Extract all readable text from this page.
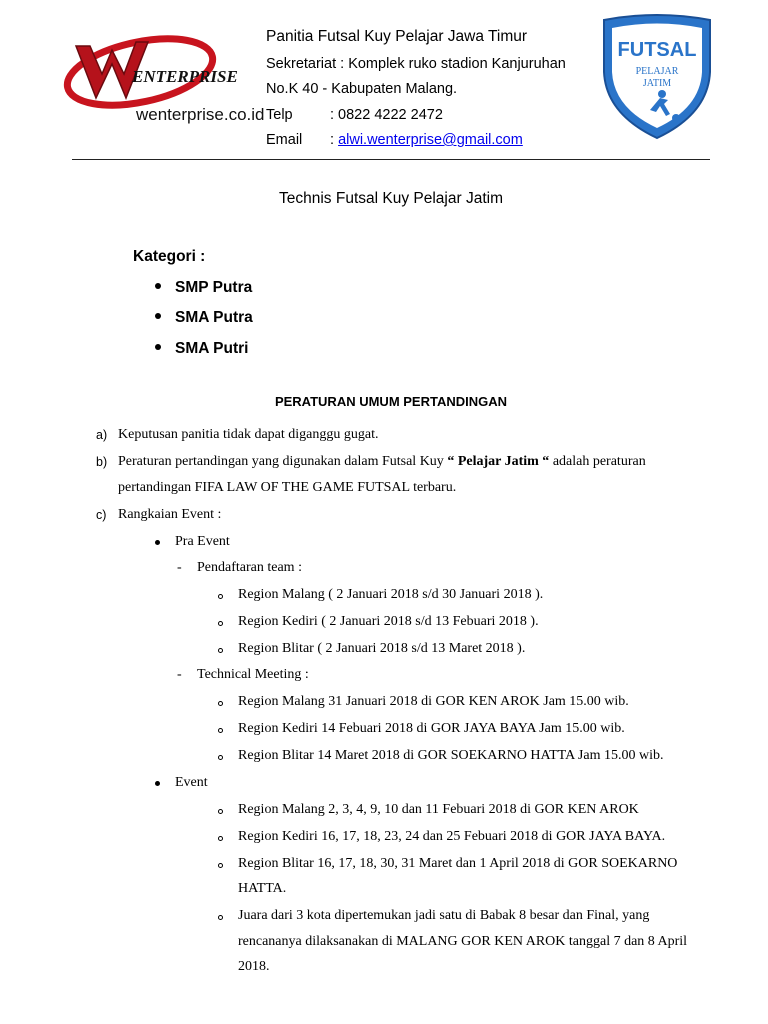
ENTERPRISE
wenterprise.co.id
FUTSAL
PELAJAR
JATIM
Panitia Futsal Kuy Pelajar Jawa Timur
Sekretariat : Komplek ruko stadion Kanjuruhan
No.K 40 - Kabupaten Malang.
Telp	: 0822 4222 2472
Email : alwi.wenterprise@gmail.com
Technis Futsal Kuy Pelajar Jatim
Kategori :
SMP Putra
SMA Putra
SMA Putri
PERATURAN UMUM PERTANDINGAN
a) Keputusan panitia tidak dapat diganggu gugat.
b) Peraturan pertandingan yang digunakan dalam Futsal Kuy “ Pelajar Jatim “ adalah peraturan
pertandingan FIFA LAW OF THE GAME FUTSAL terbaru.
c) Rangkaian Event :
Pra Event
- Pendaftaran team :
Region Malang ( 2 Januari 2018 s/d 30 Januari 2018 ).
Region Kediri ( 2 Januari 2018 s/d 13 Febuari 2018 ).
Region Blitar ( 2 Januari 2018 s/d 13 Maret 2018 ).
- Technical Meeting :
Region Malang 31 Januari 2018 di GOR KEN AROK Jam 15.00 wib.
Region Kediri 14 Febuari 2018 di GOR JAYA BAYA Jam 15.00 wib.
Region Blitar 14 Maret 2018 di GOR SOEKARNO HATTA Jam 15.00 wib.
Event
Region Malang 2, 3, 4, 9, 10 dan 11 Febuari 2018 di GOR KEN AROK
Region Kediri 16, 17, 18, 23, 24 dan 25 Febuari 2018 di GOR JAYA BAYA.
Region Blitar 16, 17, 18, 30, 31 Maret dan 1 April 2018 di GOR SOEKARNO
HATTA.
Juara dari 3 kota dipertemukan jadi satu di Babak 8 besar dan Final, yang
rencananya dilaksanakan di MALANG GOR KEN AROK tanggal 7 dan 8 April
2018.
